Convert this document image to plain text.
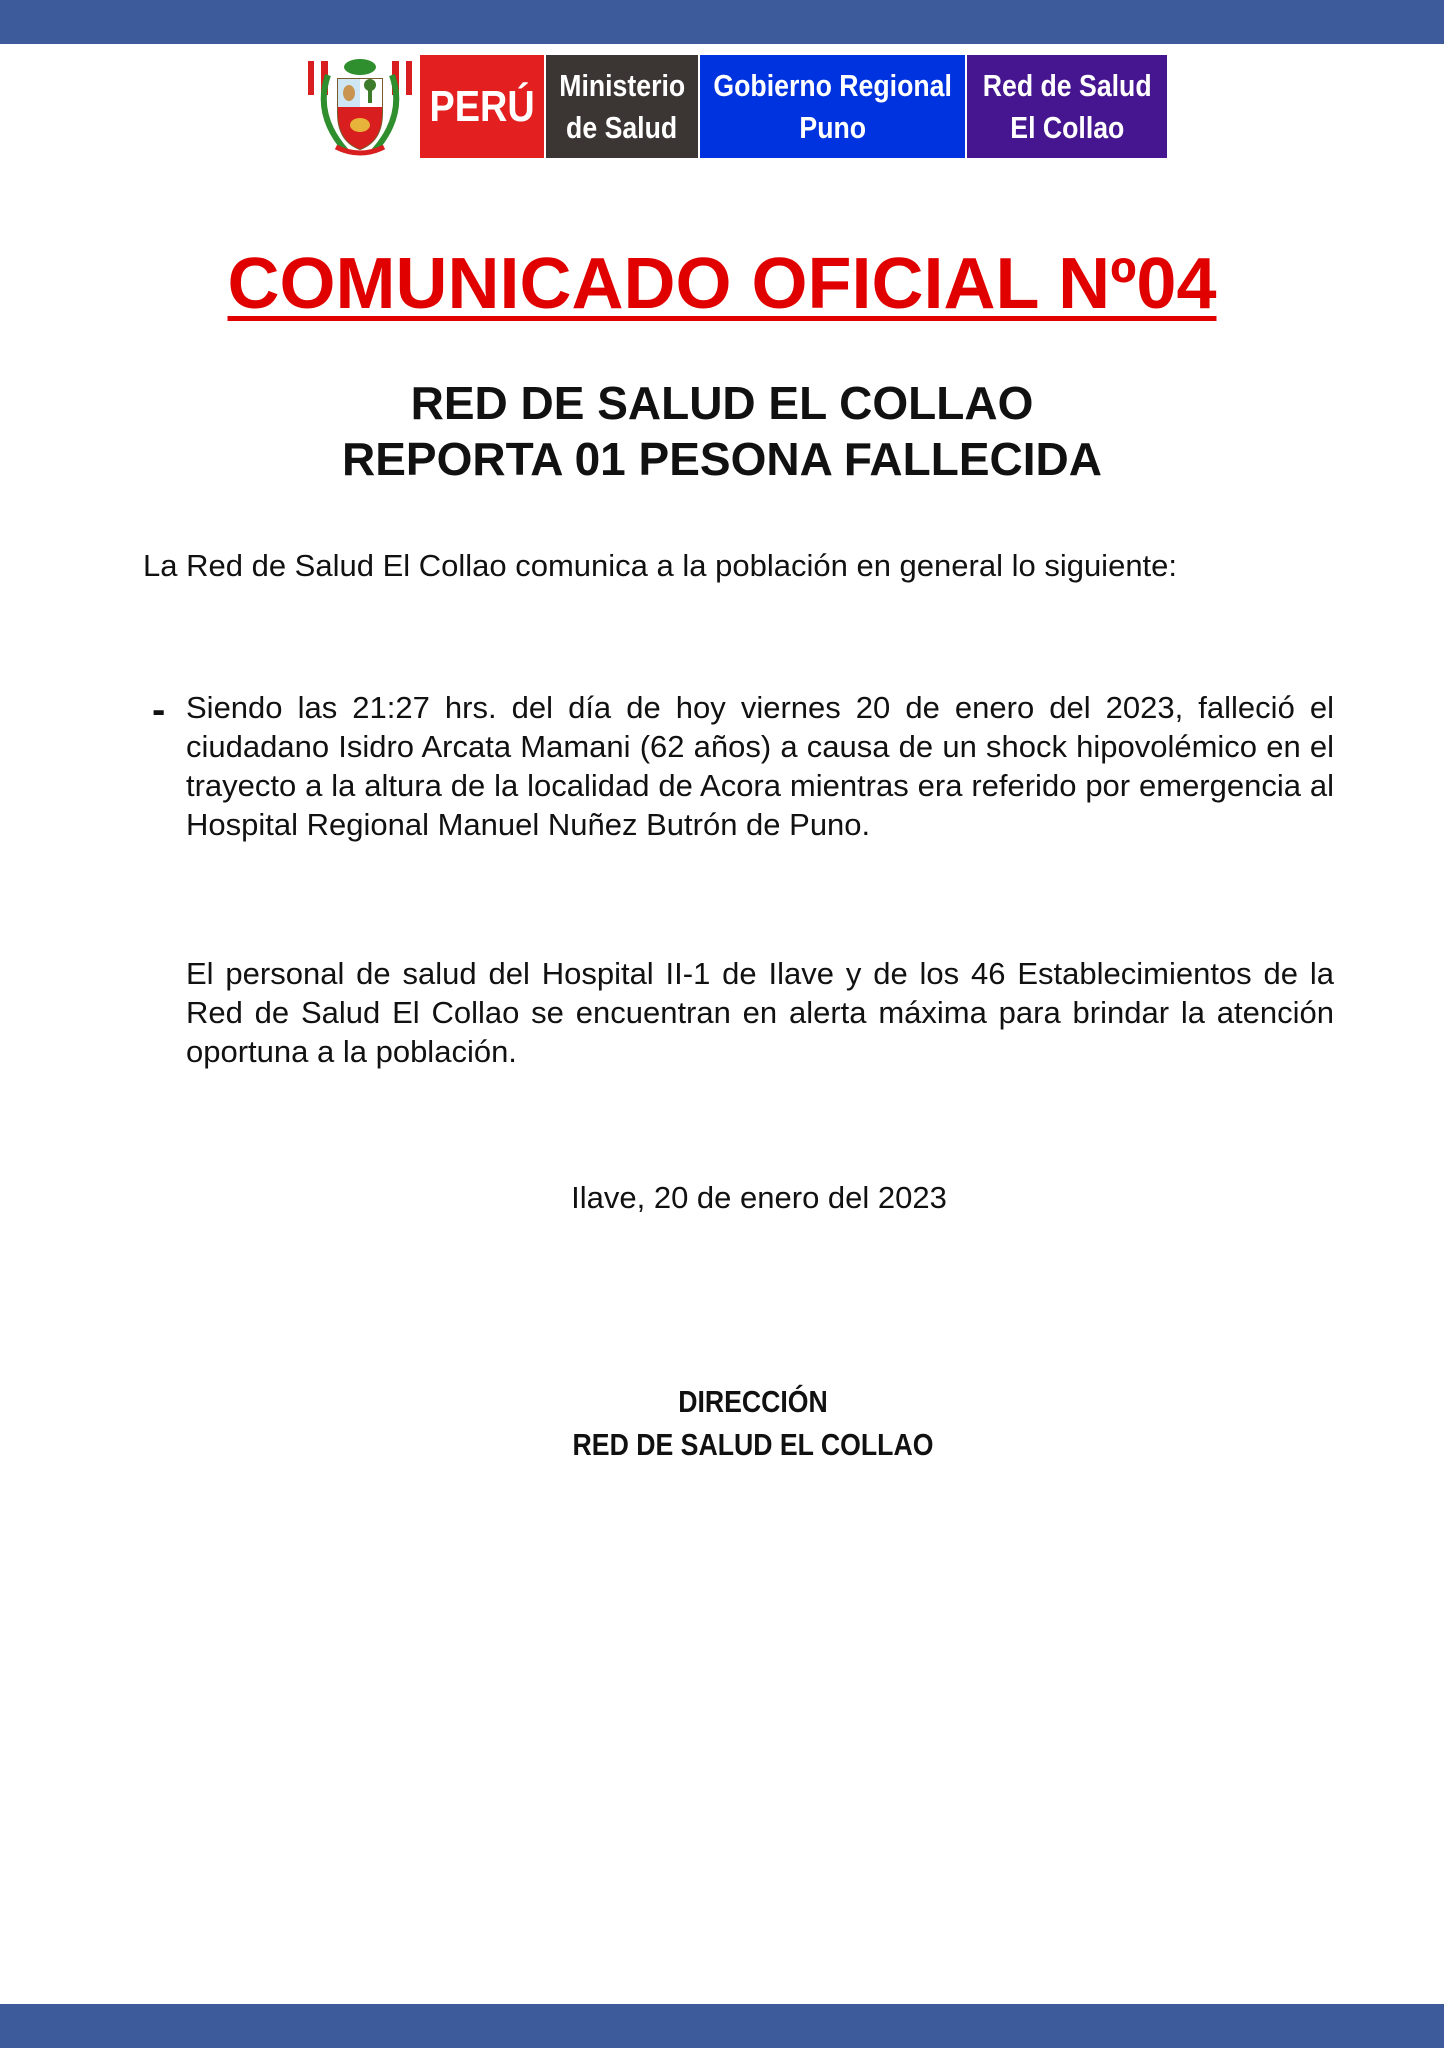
PERÚ Ministerio
de Salud
Gobierno Regional
Puno
Red de Salud
El Collao
COMUNICADO OFICIAL Nº04
RED DE SALUD EL COLLAO
REPORTA 01 PESONA FALLECIDA

La Red de Salud El Collao comunica a la población en general lo siguiente:

- Siendo las 21:27 hrs. del día de hoy viernes 20 de enero del 2023, falleció el ciudadano Isidro Arcata Mamani (62 años) a causa de un shock hipovolémico en el trayecto a la altura de la localidad de Acora mientras era referido por emergencia al Hospital Regional Manuel Nuñez Butrón de Puno.

El personal de salud del Hospital II-1 de Ilave y de los 46 Establecimientos de la Red de Salud El Collao se encuentran en alerta máxima para brindar la atención oportuna a la población.

Ilave, 20 de enero del 2023

DIRECCIÓN
RED DE SALUD EL COLLAO
